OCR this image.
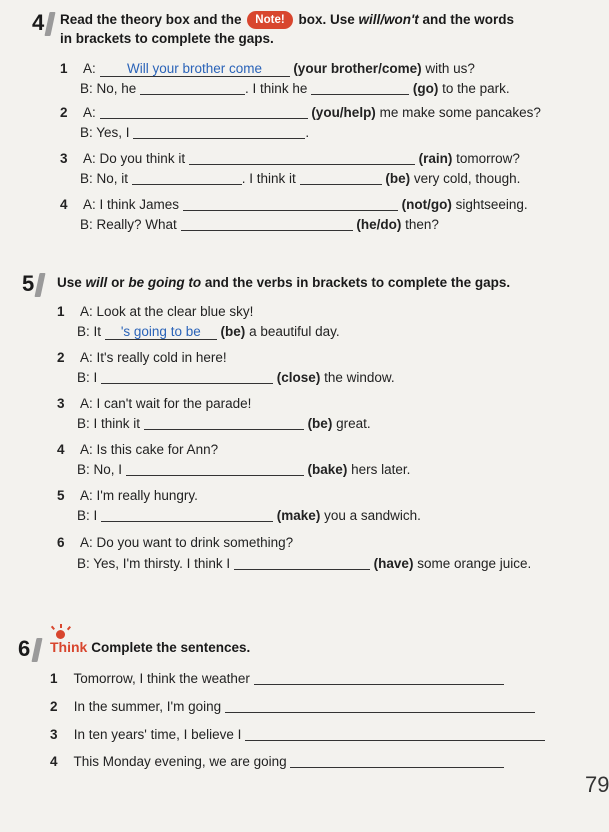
4 Read the theory box and the Note! box. Use will/won't and the words
in brackets to complete the gaps.
1 A: Will your brother come (your brother/come) with us?
B: No, he	. I think he	(go) to the park.
2 A:	(you/help) me make some pancakes?
B: Yes, I	.
3 A: Do you think it	(rain) tomorrow?
B: No, it	. I think it	(be) very cold, though.
4 A: I think James	(not/go) sightseeing.
B: Really? What	(he/do) then?
5 Use will or be going to and the verbs in brackets to complete the gaps.
1 A: Look at the clear blue sky!
B: It 's going to be (be) a beautiful day.
2 A: It's really cold in here!
B: I	(close) the window.
3 A: I can't wait for the parade!
B: I think it	(be) great.
4 A: Is this cake for Ann?
B: No, I	(bake) hers later.
5 A: I'm really hungry.
B: I	(make) you a sandwich.
6 A: Do you want to drink something?
B: Yes, I'm thirsty. I think I	(have) some orange juice.
6 Think Complete the sentences.
1 Tomorrow, I think the weather
2 In the summer, I'm going
3 In ten years' time, I believe I
4 This Monday evening, we are going
79
